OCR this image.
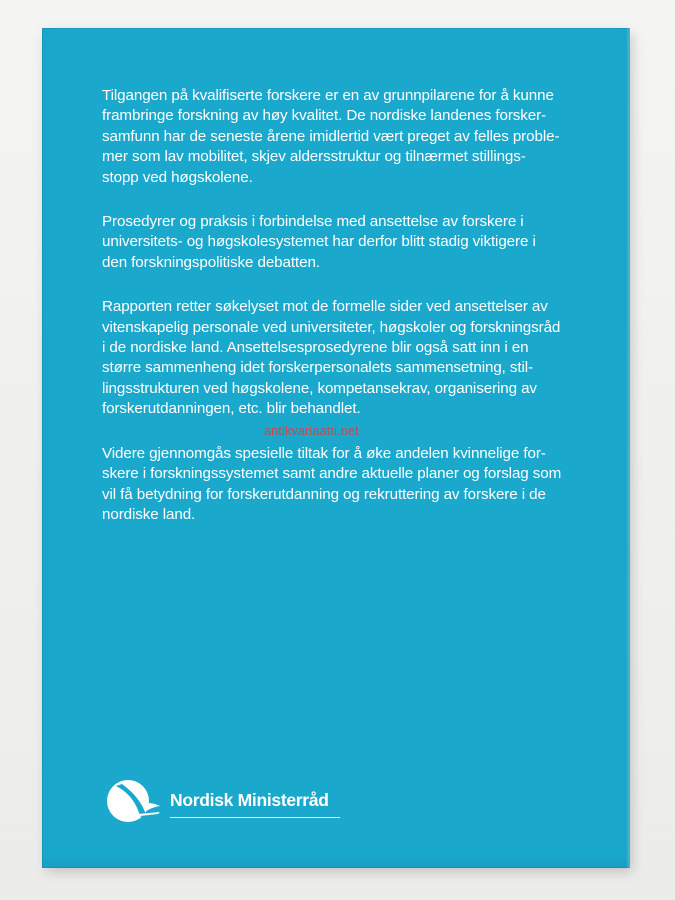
Tilgangen på kvalifiserte forskere er en av grunnpilarene for å kunne
frambringe forskning av høy kvalitet. De nordiske landenes forsker-
samfunn har de seneste årene imidlertid vært preget av felles proble-
mer som lav mobilitet, skjev aldersstruktur og tilnærmet stillings-
stopp ved høgskolene.

Prosedyrer og praksis i forbindelse med ansettelse av forskere i
universitets- og høgskolesystemet har derfor blitt stadig viktigere i
den forskningspolitiske debatten.

Rapporten retter søkelyset mot de formelle sider ved ansettelser av
vitenskapelig personale ved universiteter, høgskoler og forskningsråd
i de nordiske land. Ansettelsesprosedyrene blir også satt inn i en
større sammenheng idet forskerpersonalets sammensetning, stil-
lingsstrukturen ved høgskolene, kompetansekrav, organisering av
forskerutdanningen, etc. blir behandlet.

Videre gjennomgås spesielle tiltak for å øke andelen kvinnelige for-
skere i forskningssystemet samt andre aktuelle planer og forslag som
vil få betydning for forskerutdanning og rekruttering av forskere i de
nordiske land.

antikvariaatti.net
Nordisk Ministerråd
